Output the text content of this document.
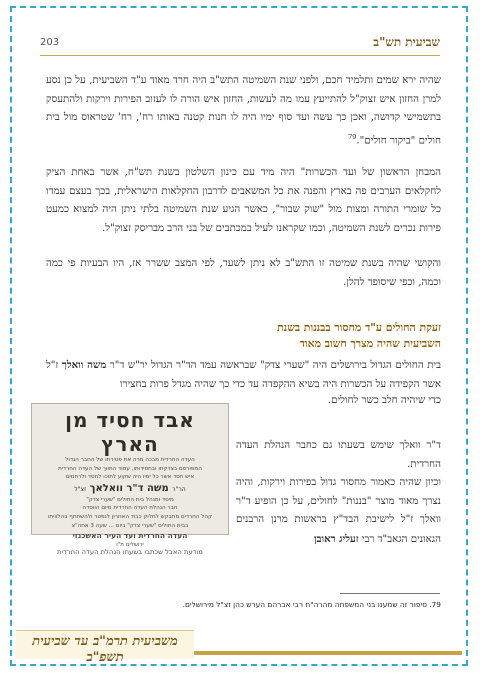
203	שביעית תש"ב

שהיה ירא שמים ותלמיד חכם, ולפני שנת השמיטה התש"ב היה חרד מאוד ע"ד השביעית, על כן נסע למרן החזון איש זצוק"ל להתייעץ עמו מה לעשות, החזון איש הורה לו לעזוב הפירות וירקות ולהתעסק בתשמישי קדושה, ואכן כך עשה ועד סוף ימיו היה לו חנות קטנה באותו רח', רח' שטראוס מול בית חולים "ביקור חולים".$^{79}$

המבחן הראשון של ועד הכשרות" היה מיד עם כינון השלטון בשנת תש"ח, אשר באחת הציק לחקלאים הערבים פה בארץ והפנה את כל המשאבים לדרבון החקלאות הישראלית, בכך בעצם עמדו כל שומרי התורה ומצות מול "שוק שבור", כאשר הגיע שנת השמיטה בלתי ניתן היה למצוא כמעט פירות נכרים לשנת השמיטה, וכמו שקראנו לעיל במכתבים של בני הרב מבריסק זצוק"ל.

והקושי שהיה בשנת שמיטה זו התש"ב לא ניתן לשער, לפי המצב ששרר אז, היו הבעיות פי כמה וכמה, וכפי שיסופר להלן.

זעקת החולים ע"ד מחסור בבננות בשנת
השביעית שהיה מצרך חשוב מאוד

בית החולים הגדול בירושלים היה "שערי צדק" שבראשה עמד הד"ר הגדול יר"ש ד"ר משה וואלך ז"ל אשר הקפידה על הכשרות היה בשיא ההקפדה עד כדי כך שהיה מגדל פרות בחצירו

כדי שיהיה חלב כשר לחולים.

ד"ר וואלך שימש בשעתו גם כחבר הנהלת העדה החרדית.

וכיון שהיה כאמור מחסור גדול בפירות וירקות, והיה נצרך מאוד מוצר "בננות" לחולים, על כן הופיע ד"ר וואלך ז"ל לישיבת הבד"ץ בראשות מרנן הרבנים הגאונים הגאב"ד רבי זעליג ראובן

אבד חסיד מן הארץ
העדה החרדית מבכה מרה את פטירתו של החבר הגדול
המפורסם בצדקתו ובחסידותו, עמוד התווך של העדה החרדית
איש חסד אשר כל ימיו היה שקוע לתוכו לחסד ולרחמים
הר"ר משה ד"ר וואלאך זצ"ל
מיסד ומנהל בית החולים "שערי צדק"
חבר הנהלת העדה החרדית מיום הווסדה
קהל החרדים מתבקש לחלוק כבוד האחרון לנפטר ולהשתתף בהלוויתו
בבית החולים "שערי צדק" ביום ... שעה 3 אחה"צ
העדה החרדית ועד העיר האשכנזי
ירושלים ת"ו
מודעת האבל שכתבו בשעתו הנהלת העדה החרדית

79. סיפור זה שמענו בני המשפחה מהרה"ח רבי אברהם הערש כהן זצ"ל מירושלים.

משביעית תרמ"ב עד שביעית תשפ"ב
